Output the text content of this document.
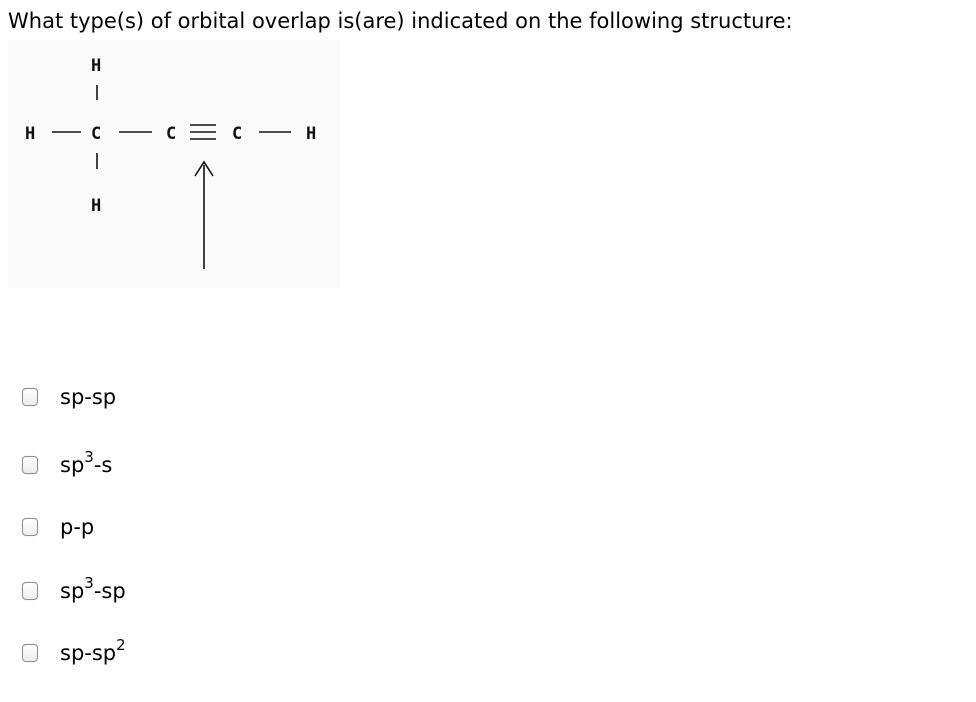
What type(s) of orbital overlap is(are) indicated on the following structure:
H
H	C	C	C	H
H
sp-sp
$sp^3-s$
p-p
$sp^3-sp$
$sp-sp^2$
